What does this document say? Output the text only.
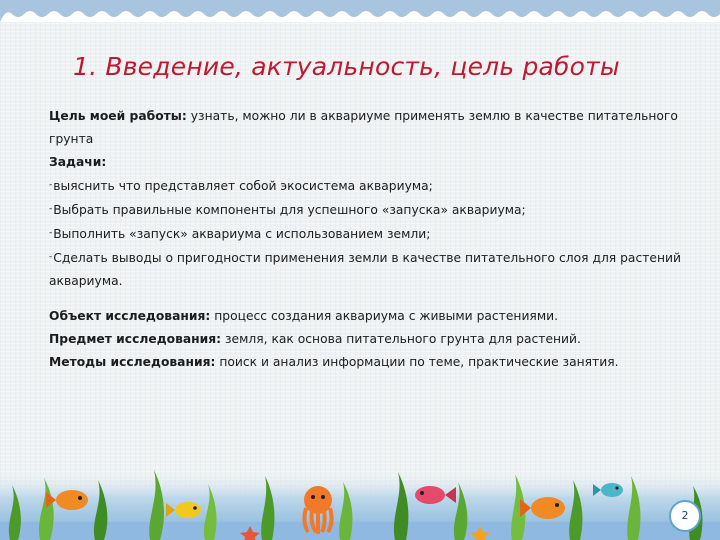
1. Введение, актуальность, цель работы

Цель моей работы: узнать, можно ли в аквариуме применять землю в качестве питательного грунта

Задачи:

-выяснить что представляет собой экосистема аквариума;

-Выбрать правильные компоненты для успешного «запуска» аквариума;

-Выполнить «запуск» аквариума с использованием земли;

-Сделать выводы о пригодности применения земли в качестве питательного слоя для растений аквариума.

Объект исследования: процесс создания аквариума с живыми растениями.

Предмет исследования: земля, как основа питательного грунта для растений.

Методы исследования: поиск и анализ информации по теме, практические занятия.

2
